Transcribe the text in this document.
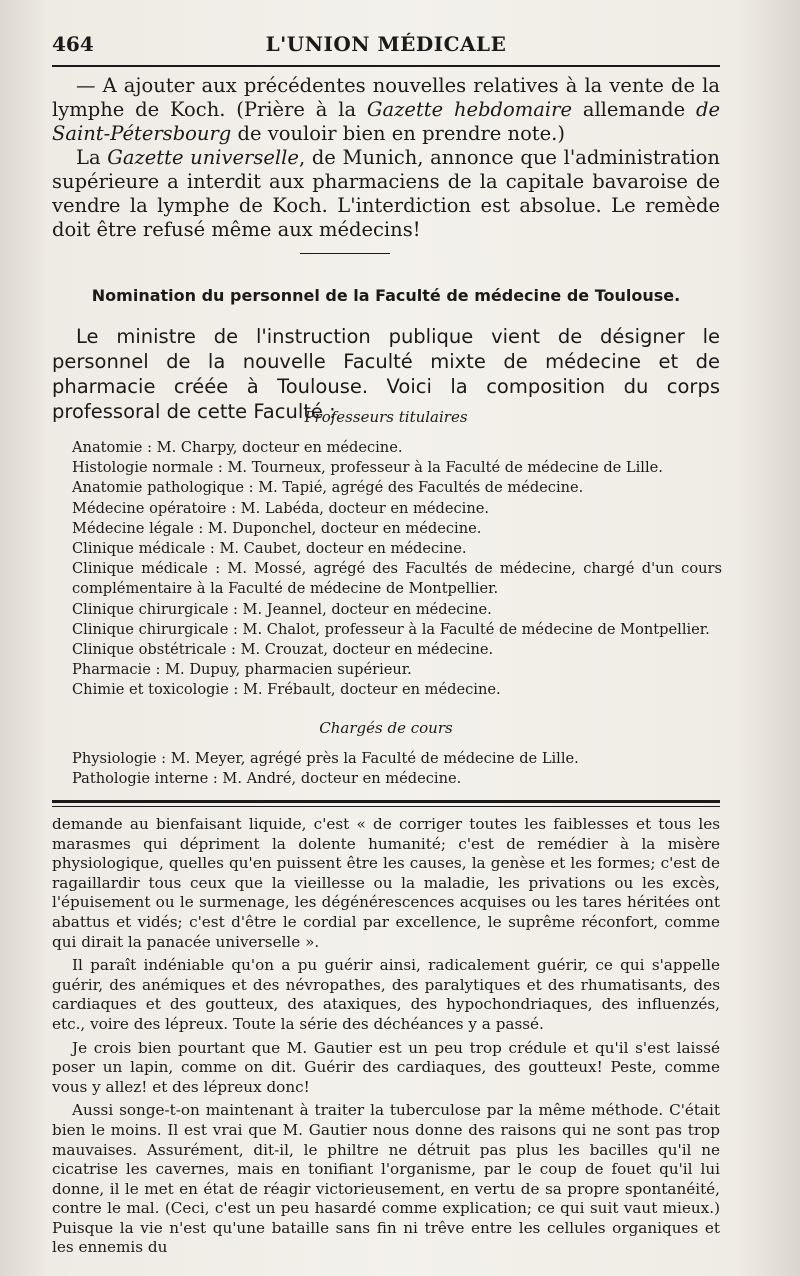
464	L'UNION MÉDICALE

— A ajouter aux précédentes nouvelles relatives à la vente de la lymphe de Koch. (Prière à la Gazette hebdomaire allemande de Saint-Pétersbourg de vouloir bien en prendre note.)

La Gazette universelle, de Munich, annonce que l'administration supérieure a interdit aux pharmaciens de la capitale bavaroise de vendre la lymphe de Koch. L'interdiction est absolue. Le remède doit être refusé même aux médecins!

Nomination du personnel de la Faculté de médecine de Toulouse.

Le ministre de l'instruction publique vient de désigner le personnel de la nouvelle Faculté mixte de médecine et de pharmacie créée à Toulouse. Voici la composition du corps professoral de cette Faculté :

Professeurs titulaires

Anatomie : M. Charpy, docteur en médecine.

Histologie normale : M. Tourneux, professeur à la Faculté de médecine de Lille.

Anatomie pathologique : M. Tapié, agrégé des Facultés de médecine.

Médecine opératoire : M. Labéda, docteur en médecine.

Médecine légale : M. Duponchel, docteur en médecine.

Clinique médicale : M. Caubet, docteur en médecine.

Clinique médicale : M. Mossé, agrégé des Facultés de médecine, chargé d'un cours complémentaire à la Faculté de médecine de Montpellier.

Clinique chirurgicale : M. Jeannel, docteur en médecine.

Clinique chirurgicale : M. Chalot, professeur à la Faculté de médecine de Montpellier.

Clinique obstétricale : M. Crouzat, docteur en médecine.

Pharmacie : M. Dupuy, pharmacien supérieur.

Chimie et toxicologie : M. Frébault, docteur en médecine.

Chargés de cours

Physiologie : M. Meyer, agrégé près la Faculté de médecine de Lille.

Pathologie interne : M. André, docteur en médecine.

demande au bienfaisant liquide, c'est « de corriger toutes les faiblesses et tous les marasmes qui dépriment la dolente humanité; c'est de remédier à la misère physiologique, quelles qu'en puissent être les causes, la genèse et les formes; c'est de ragaillardir tous ceux que la vieillesse ou la maladie, les privations ou les excès, l'épuisement ou le surmenage, les dégénérescences acquises ou les tares héritées ont abattus et vidés; c'est d'être le cordial par excellence, le suprême réconfort, comme qui dirait la panacée universelle ».

Il paraît indéniable qu'on a pu guérir ainsi, radicalement guérir, ce qui s'appelle guérir, des anémiques et des névropathes, des paralytiques et des rhumatisants, des cardiaques et des goutteux, des ataxiques, des hypochondriaques, des influenzés, etc., voire des lépreux. Toute la série des déchéances y a passé.

Je crois bien pourtant que M. Gautier est un peu trop crédule et qu'il s'est laissé poser un lapin, comme on dit. Guérir des cardiaques, des goutteux! Peste, comme vous y allez! et des lépreux donc!

Aussi songe-t-on maintenant à traiter la tuberculose par la même méthode. C'était bien le moins. Il est vrai que M. Gautier nous donne des raisons qui ne sont pas trop mauvaises. Assurément, dit-il, le philtre ne détruit pas plus les bacilles qu'il ne cicatrise les cavernes, mais en tonifiant l'organisme, par le coup de fouet qu'il lui donne, il le met en état de réagir victorieusement, en vertu de sa propre spontanéité, contre le mal. (Ceci, c'est un peu hasardé comme explication; ce qui suit vaut mieux.) Puisque la vie n'est qu'une bataille sans fin ni trêve entre les cellules organiques et les ennemis du
